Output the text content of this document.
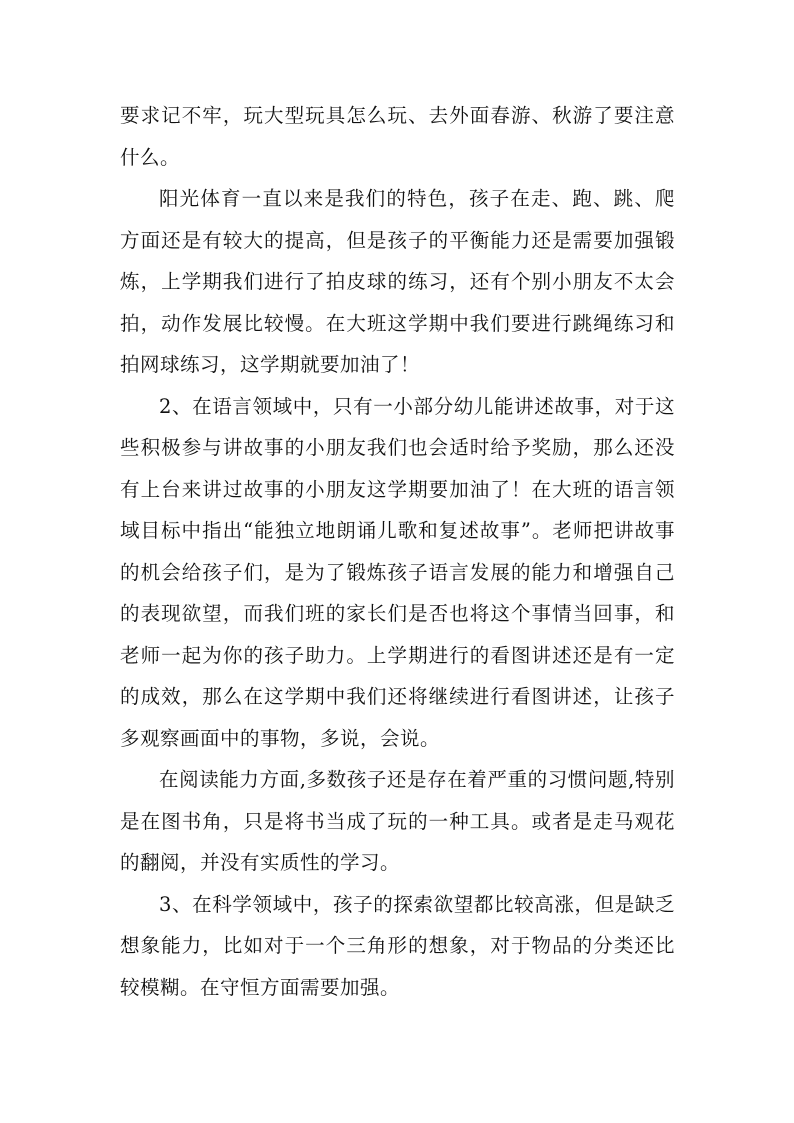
要求记不牢，玩大型玩具怎么玩、去外面春游、秋游了要注意什么。

阳光体育一直以来是我们的特色，孩子在走、跑、跳、爬方面还是有较大的提高，但是孩子的平衡能力还是需要加强锻炼，上学期我们进行了拍皮球的练习，还有个别小朋友不太会拍，动作发展比较慢。在大班这学期中我们要进行跳绳练习和拍网球练习，这学期就要加油了！

2、在语言领域中，只有一小部分幼儿能讲述故事，对于这些积极参与讲故事的小朋友我们也会适时给予奖励，那么还没有上台来讲过故事的小朋友这学期要加油了！在大班的语言领域目标中指出“能独立地朗诵儿歌和复述故事”。老师把讲故事的机会给孩子们，是为了锻炼孩子语言发展的能力和增强自己的表现欲望，而我们班的家长们是否也将这个事情当回事，和老师一起为你的孩子助力。上学期进行的看图讲述还是有一定的成效，那么在这学期中我们还将继续进行看图讲述，让孩子多观察画面中的事物，多说，会说。

在阅读能力方面,多数孩子还是存在着严重的习惯问题,特别是在图书角，只是将书当成了玩的一种工具。或者是走马观花的翻阅，并没有实质性的学习。

3、在科学领域中，孩子的探索欲望都比较高涨，但是缺乏想象能力，比如对于一个三角形的想象，对于物品的分类还比较模糊。在守恒方面需要加强。
